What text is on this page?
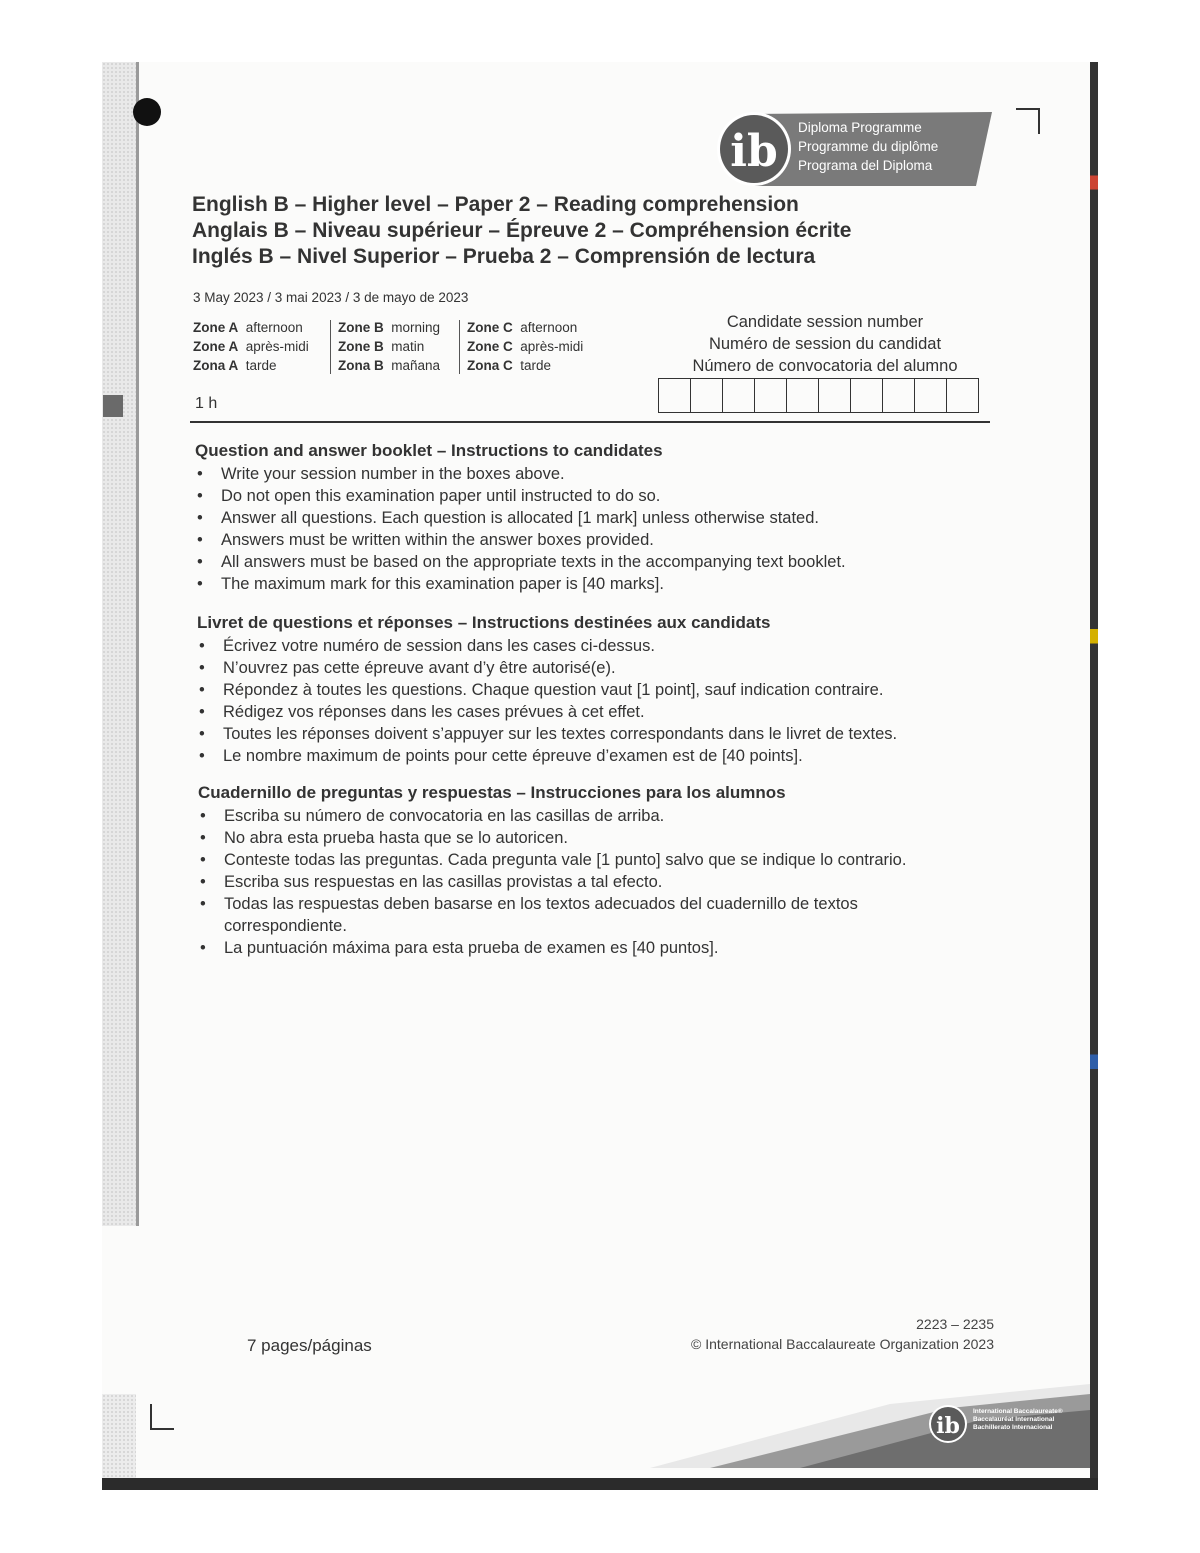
ib Diploma Programme
Programme du diplôme
Programa del Diploma
English B – Higher level – Paper 2 – Reading comprehension
Anglais B – Niveau supérieur – Épreuve 2 – Compréhension écrite
Inglés B – Nivel Superior – Prueba 2 – Comprensión de lectura
3 May 2023 / 3 mai 2023 / 3 de mayo de 2023
Zone A afternoon
Zone A après-midi
Zona A tarde
Zone B morning
Zone B matin
Zona B mañana
Zone C afternoon
Zone C après-midi
Zona C tarde
Candidate session number
Numéro de session du candidat
Número de convocatoria del alumno
1 h
Question and answer booklet – Instructions to candidates
• Write your session number in the boxes above.
• Do not open this examination paper until instructed to do so.
• Answer all questions. Each question is allocated [1 mark] unless otherwise stated.
• Answers must be written within the answer boxes provided.
• All answers must be based on the appropriate texts in the accompanying text booklet.
• The maximum mark for this examination paper is [40 marks].
Livret de questions et réponses – Instructions destinées aux candidats
• Écrivez votre numéro de session dans les cases ci-dessus.
• N’ouvrez pas cette épreuve avant d’y être autorisé(e).
• Répondez à toutes les questions. Chaque question vaut [1 point], sauf indication contraire.
• Rédigez vos réponses dans les cases prévues à cet effet.
• Toutes les réponses doivent s’appuyer sur les textes correspondants dans le livret de textes.
• Le nombre maximum de points pour cette épreuve d’examen est de [40 points].
Cuadernillo de preguntas y respuestas – Instrucciones para los alumnos
• Escriba su número de convocatoria en las casillas de arriba.
• No abra esta prueba hasta que se lo autoricen.
• Conteste todas las preguntas. Cada pregunta vale [1 punto] salvo que se indique lo contrario.
• Escriba sus respuestas en las casillas provistas a tal efecto.
• Todas las respuestas deben basarse en los textos adecuados del cuadernillo de textos correspondiente.
• La puntuación máxima para esta prueba de examen es [40 puntos].
7 pages/páginas
2223 – 2235
© International Baccalaureate Organization 2023
ib
International Baccalaureate®
Baccalauréat International
Bachillerato Internacional
